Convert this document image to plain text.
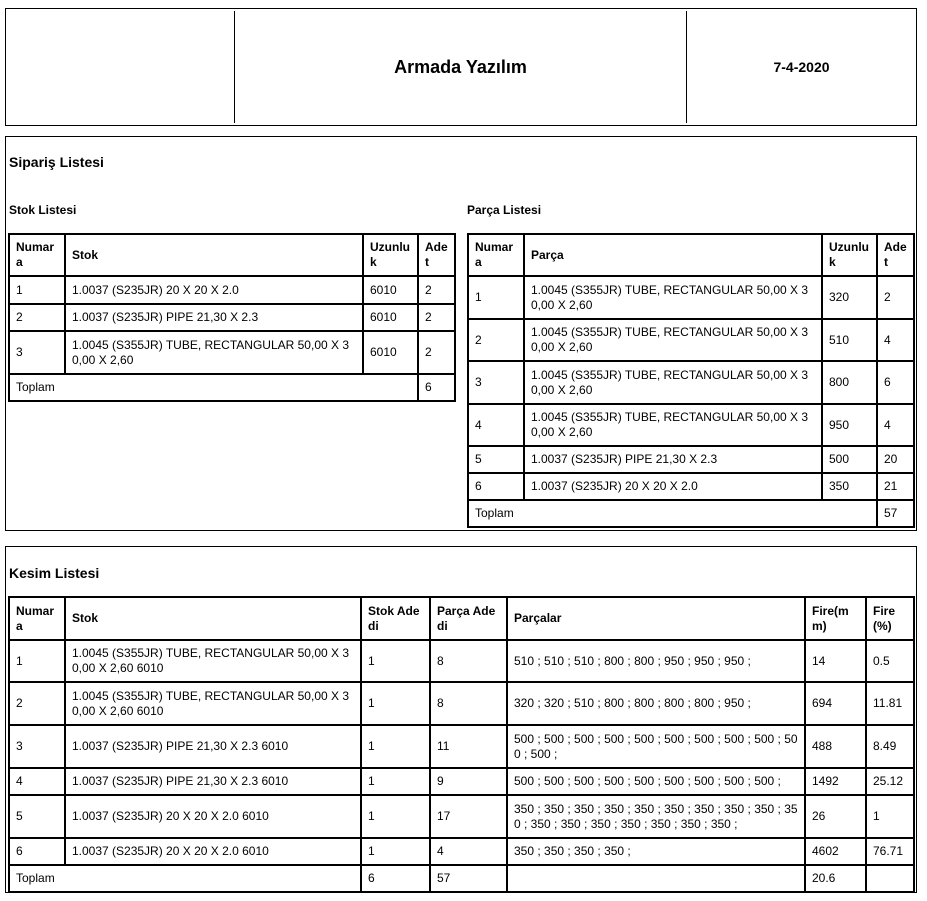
Armada Yazılım	7-4-2020
Sipariş Listesi
Stok Listesi
Numara	Stok	Uzunluk	Adet
1	1.0037 (S235JR) 20 X 20 X 2.0	6010	2
2	1.0037 (S235JR) PIPE 21,30 X 2.3	6010	2
3	1.0045 (S355JR) TUBE, RECTANGULAR 50,00 X 30,00 X 2,60	6010	2
Toplam			6
Parça Listesi
Numara	Parça	Uzunluk	Adet
1	1.0045 (S355JR) TUBE, RECTANGULAR 50,00 X 30,00 X 2,60	320	2
2	1.0045 (S355JR) TUBE, RECTANGULAR 50,00 X 30,00 X 2,60	510	4
3	1.0045 (S355JR) TUBE, RECTANGULAR 50,00 X 30,00 X 2,60	800	6
4	1.0045 (S355JR) TUBE, RECTANGULAR 50,00 X 30,00 X 2,60	950	4
5	1.0037 (S235JR) PIPE 21,30 X 2.3	500	20
6	1.0037 (S235JR) 20 X 20 X 2.0	350	21
Toplam			57
Kesim Listesi
Numara	Stok	Stok Adedi	Parça Adedi	Parçalar	Fire(mm)	Fire (%)
1	1.0045 (S355JR) TUBE, RECTANGULAR 50,00 X 30,00 X 2,60 6010	1	8	510 ; 510 ; 510 ; 800 ; 800 ; 950 ; 950 ; 950 ;	14	0.5
2	1.0045 (S355JR) TUBE, RECTANGULAR 50,00 X 30,00 X 2,60 6010	1	8	320 ; 320 ; 510 ; 800 ; 800 ; 800 ; 800 ; 950 ;	694	11.81
3	1.0037 (S235JR) PIPE 21,30 X 2.3 6010	1	11	500 ; 500 ; 500 ; 500 ; 500 ; 500 ; 500 ; 500 ; 500 ; 500 ; 500 ;	488	8.49
4	1.0037 (S235JR) PIPE 21,30 X 2.3 6010	1	9	500 ; 500 ; 500 ; 500 ; 500 ; 500 ; 500 ; 500 ; 500 ;	1492	25.12
5	1.0037 (S235JR) 20 X 20 X 2.0 6010	1	17	350 ; 350 ; 350 ; 350 ; 350 ; 350 ; 350 ; 350 ; 350 ; 350 ; 350 ; 350 ; 350 ; 350 ; 350 ; 350 ; 350 ;	26	1
6	1.0037 (S235JR) 20 X 20 X 2.0 6010	1	4	350 ; 350 ; 350 ; 350 ;	4602	76.71
Toplam		6	57		20.6	
